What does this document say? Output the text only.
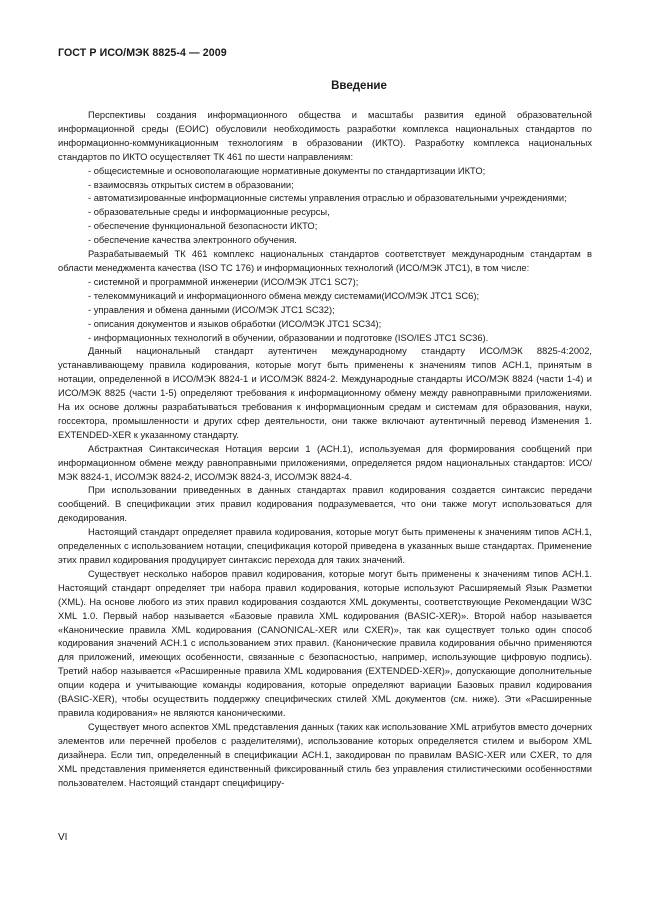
ГОСТ Р ИСО/МЭК 8825-4 — 2009
Введение

Перспективы создания информационного общества и масштабы развития единой образовательной информационной среды (ЕОИС) обусловили необходимость разработки комплекса национальных стандартов по информационно-коммуникационным технологиям в образовании (ИКТО). Разработку комплекса национальных стандартов по ИКТО осуществляет ТК 461 по шести направлениям:

- общесистемные и основополагающие нормативные документы по стандартизации ИКТО;

- взаимосвязь открытых систем в образовании;

- автоматизированные информационные системы управления отраслью и образовательными учреждениями;

- образовательные среды и информационные ресурсы,

- обеспечение функциональной безопасности ИКТО;

- обеспечение качества электронного обучения.

Разрабатываемый ТК 461 комплекс национальных стандартов соответствует международным стандартам в области менеджмента качества (ISO TC 176) и информационных технологий (ИСО/МЭК JTC1), в том числе:

- системной и программной инженерии (ИСО/МЭК JTC1 SC7);

- телекоммуникаций и информационного обмена между системами(ИСО/МЭК JTC1 SC6);

- управления и обмена данными (ИСО/МЭК JTC1 SC32);

- описания документов и языков обработки (ИСО/МЭК JTC1 SC34);

- информационных технологий в обучении, образовании и подготовке (ISO/IES JTC1 SC36).

Данный национальный стандарт аутентичен международному стандарту ИСО/МЭК 8825-4:2002, устанавливающему правила кодирования, которые могут быть применены к значениям типов АСН.1, принятым в нотации, определенной в ИСО/МЭК 8824-1 и ИСО/МЭК 8824-2. Международные стандарты ИСО/МЭК 8824 (части 1-4) и ИСО/МЭК 8825 (части 1-5) определяют требования к информационному обмену между равноправными приложениями. На их основе должны разрабатываться требования к информационным средам и системам для образования, науки, госсектора, промышленности и других сфер деятельности, они также включают аутентичный перевод Изменения 1. EXTENDED-XER к указанному стандарту.

Абстрактная Синтаксическая Нотация версии 1 (АСН.1), используемая для формирования сообщений при информационном обмене между равноправными приложениями, определяется рядом национальных стандартов: ИСО/МЭК 8824-1, ИСО/МЭК 8824-2, ИСО/МЭК 8824-3, ИСО/МЭК 8824-4.

При использовании приведенных в данных стандартах правил кодирования создается синтаксис передачи сообщений. В спецификации этих правил кодирования подразумевается, что они также могут использоваться для декодирования.

Настоящий стандарт определяет правила кодирования, которые могут быть применены к значениям типов АСН.1, определенных с использованием нотации, спецификация которой приведена в указанных выше стандартах. Применение этих правил кодирования продуцирует синтаксис перехода для таких значений.

Существует несколько наборов правил кодирования, которые могут быть применены к значениям типов АСН.1. Настоящий стандарт определяет три набора правил кодирования, которые используют Расширяемый Язык Разметки (XML). На основе любого из этих правил кодирования создаются XML документы, соответствующие Рекомендации W3C XML 1.0. Первый набор называется «Базовые правила XML кодирования (BASIC-XER)». Второй набор называется «Канонические правила XML кодирования (CANONICAL-XER или CXER)», так как существует только один способ кодирования значений АСН.1 с использованием этих правил. (Канонические правила кодирования обычно применяются для приложений, имеющих особенности, связанные с безопасностью, например, использующие цифровую подпись). Третий набор называется «Расширенные правила XML кодирования (EXTENDED-XER)», допускающие дополнительные опции кодера и учитывающие команды кодирования, которые определяют вариации Базовых правил кодирования (BASIC-XER), чтобы осуществить поддержку специфических стилей XML документов (см. ниже). Эти «Расширенные правила кодирования» не являются каноническими.

Существует много аспектов XML представления данных (таких как использование XML атрибутов вместо дочерних элементов или перечней пробелов с разделителями), использование которых определяется стилем и выбором XML дизайнера. Если тип, определенный в спецификации АСН.1, закодирован по правилам BASIC-XER или CXER, то для XML представления применяется единственный фиксированный стиль без управления стилистическими особенностями пользователем. Настоящий стандарт специфициру-

VI
